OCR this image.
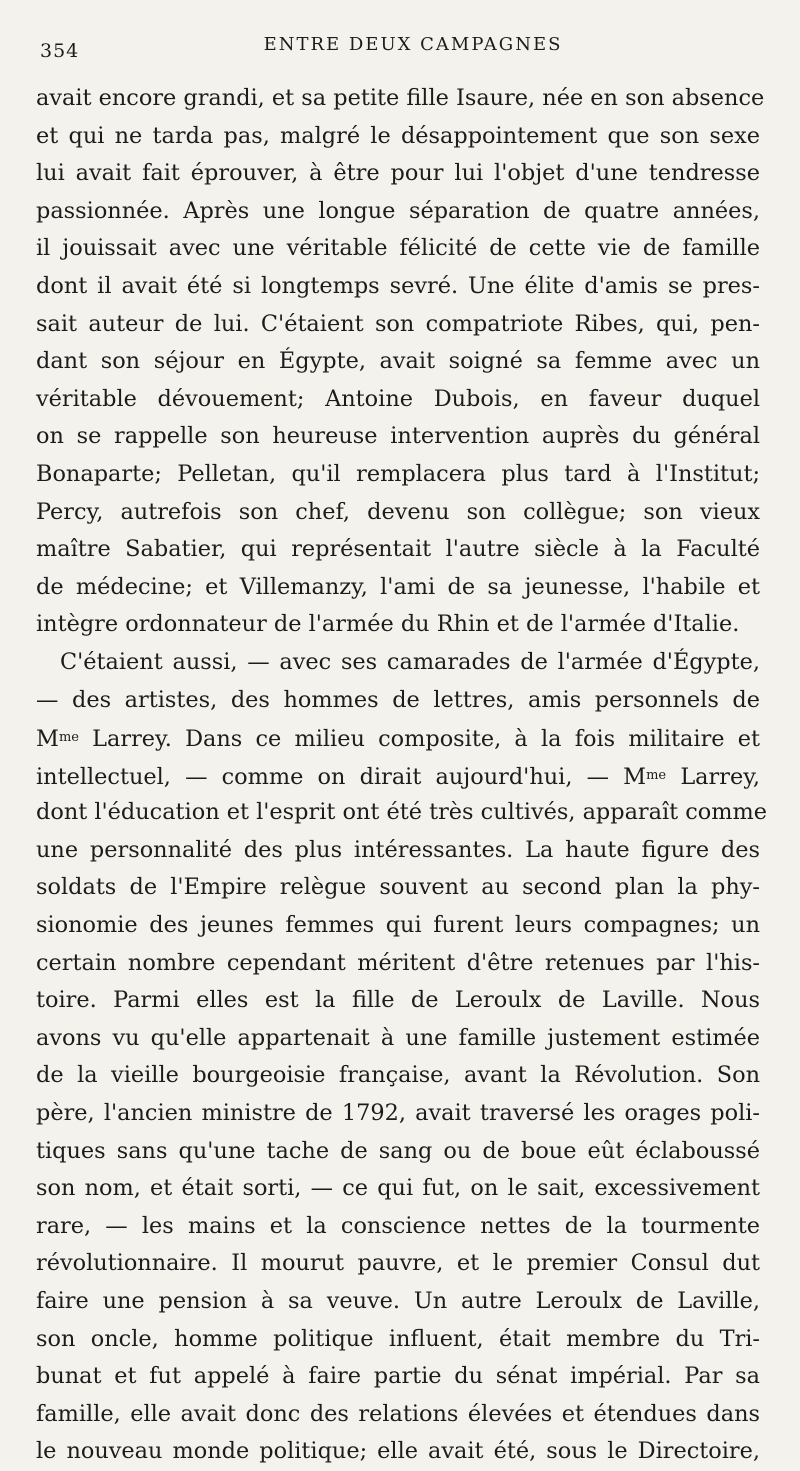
354	ENTRE DEUX CAMPAGNES
avait encore grandi, et sa petite fille Isaure, née en son absence
et qui ne tarda pas, malgré le désappointement que son sexe
lui avait fait éprouver, à être pour lui l'objet d'une tendresse
passionnée. Après une longue séparation de quatre années,
il jouissait avec une véritable félicité de cette vie de famille
dont il avait été si longtemps sevré. Une élite d'amis se pres-
sait auteur de lui. C'étaient son compatriote Ribes, qui, pen-
dant son séjour en Égypte, avait soigné sa femme avec un
véritable dévouement; Antoine Dubois, en faveur duquel
on se rappelle son heureuse intervention auprès du général
Bonaparte; Pelletan, qu'il remplacera plus tard à l'Institut;
Percy, autrefois son chef, devenu son collègue; son vieux
maître Sabatier, qui représentait l'autre siècle à la Faculté
de médecine; et Villemanzy, l'ami de sa jeunesse, l'habile et
intègre ordonnateur de l'armée du Rhin et de l'armée d'Italie.
C'étaient aussi, — avec ses camarades de l'armée d'Égypte,
— des artistes, des hommes de lettres, amis personnels de
$M^{me}$ Larrey. Dans ce milieu composite, à la fois militaire et
intellectuel, — comme on dirait aujourd'hui, — $M^{me}$ Larrey,
dont l'éducation et l'esprit ont été très cultivés, apparaît comme
une personnalité des plus intéressantes. La haute figure des
soldats de l'Empire relègue souvent au second plan la phy-
sionomie des jeunes femmes qui furent leurs compagnes; un
certain nombre cependant méritent d'être retenues par l'his-
toire. Parmi elles est la fille de Leroulx de Laville. Nous
avons vu qu'elle appartenait à une famille justement estimée
de la vieille bourgeoisie française, avant la Révolution. Son
père, l'ancien ministre de 1792, avait traversé les orages poli-
tiques sans qu'une tache de sang ou de boue eût éclaboussé
son nom, et était sorti, — ce qui fut, on le sait, excessivement
rare, — les mains et la conscience nettes de la tourmente
révolutionnaire. Il mourut pauvre, et le premier Consul dut
faire une pension à sa veuve. Un autre Leroulx de Laville,
son oncle, homme politique influent, était membre du Tri-
bunat et fut appelé à faire partie du sénat impérial. Par sa
famille, elle avait donc des relations élevées et étendues dans
le nouveau monde politique; elle avait été, sous le Directoire,
